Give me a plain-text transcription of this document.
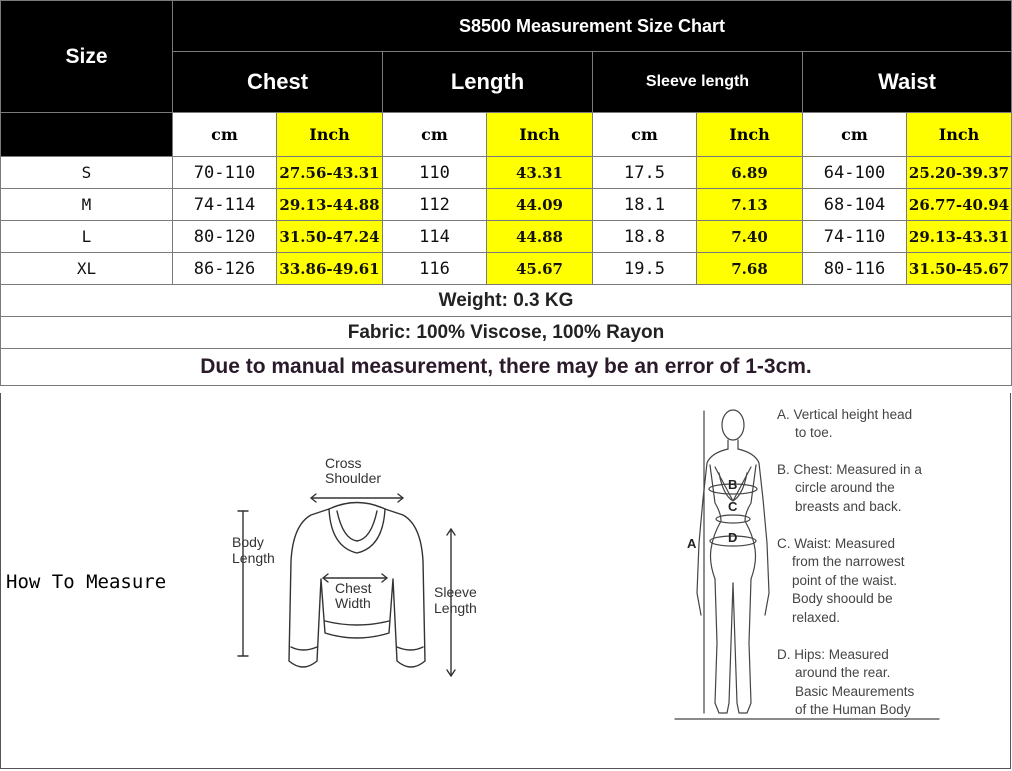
Size	S8500 Measurement Size Chart							
	Chest		Length		Sleeve length		Waist	
	cm	Inch	cm	Inch	cm	Inch	cm	Inch
S	70-110	27.56-43.31	110	43.31	17.5	6.89	64-100	25.20-39.37
M	74-114	29.13-44.88	112	44.09	18.1	7.13	68-104	26.77-40.94
L	80-120	31.50-47.24	114	44.88	18.8	7.40	74-110	29.13-43.31
XL	86-126	33.86-49.61	116	45.67	19.5	7.68	80-116	31.50-45.67
Weight: 0.3 KG								
Fabric: 100% Viscose, 100% Rayon								
Due to manual measurement, there may be an error of 1-3cm.								
How To Measure
Cross
Shoulder
Body
Length
Chest
Width
Sleeve
Length
B
C
D
A
A. Vertical height head
to toe.
B. Chest: Measured in a
circle around the
breasts and back.
C. Waist: Measured
from the narrowest
point of the waist.
Body shoould be
relaxed.
D. Hips: Measured
around the rear.
Basic Meaurements
of the Human Body
